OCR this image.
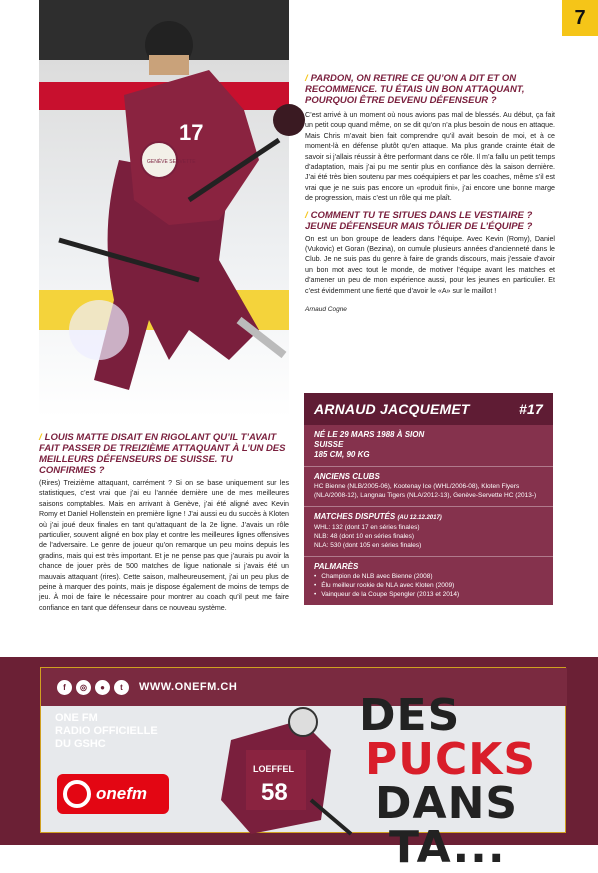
17
GENÈVE SERVETTE
7
/ PARDON, ON RETIRE CE QU’ON A DIT ET ON RECOMMENCE. TU ÉTAIS UN BON ATTAQUANT, POURQUOI ÊTRE DEVENU DÉFENSEUR ?
C’est arrivé à un moment où nous avions pas mal de blessés. Au début, ça fait un petit coup quand même, on se dit qu’on n’a plus besoin de nous en attaque. Mais Chris m’avait bien fait comprendre qu’il avait besoin de moi, et à ce moment-là en défense plutôt qu’en attaque. Ma plus grande crainte était de savoir si j’allais réussir à être performant dans ce rôle. Il m’a fallu un petit temps d’adaptation, mais j’ai pu me sentir plus en confiance dès la saison dernière. J’ai été très bien soutenu par mes coéquipiers et par les coaches, même s’il est vrai que je ne suis pas encore un «produit fini», j’ai encore une bonne marge de progression, mais c’est un rôle qui me plaît.
/ COMMENT TU TE SITUES DANS LE VESTIAIRE ? JEUNE DÉFENSEUR MAIS TÔLIER DE L’ÉQUIPE ?
On est un bon groupe de leaders dans l’équipe. Avec Kevin (Romy), Daniel (Vukovic) et Goran (Bezina), on cumule plusieurs années d’ancienneté dans le Club. Je ne suis pas du genre à faire de grands discours, mais j’essaie d’avoir un bon mot avec tout le monde, de motiver l’équipe avant les matches et d’amener un peu de mon expérience aussi, pour les jeunes en particulier. Et c’est évidemment une fierté que d’avoir le «A» sur le maillot !
Arnaud Cogne
/ LOUIS MATTE DISAIT EN RIGOLANT QU’IL T’AVAIT FAIT PASSER DE TREIZIÈME ATTAQUANT À L’UN DES MEILLEURS DÉFENSEURS DE SUISSE. TU CONFIRMES ?
(Rires) Treizième attaquant, carrément ? Si on se base uniquement sur les statistiques, c’est vrai que j’ai eu l’année dernière une de mes meilleures saisons comptables. Mais en arrivant à Genève, j’ai été aligné avec Kevin Romy et Daniel Hollenstein en première ligne ! J’ai aussi eu du succès à Kloten où j’ai joué deux finales en tant qu’attaquant de la 2e ligne. J’avais un rôle particulier, souvent aligné en box play et contre les meilleures lignes offensives de l’adversaire. Le genre de joueur qu’on remarque un peu moins depuis les gradins, mais qui est très important. Et je ne pense pas que j’aurais pu avoir la chance de jouer près de 500 matches de ligue nationale si j’avais été un mauvais attaquant (rires). Cette saison, malheureusement, j’ai un peu plus de peine à marquer des points, mais je dispose également de moins de temps de jeu. À moi de faire le nécessaire pour montrer au coach qu’il peut me faire confiance en tant que défenseur dans ce nouveau système.
ARNAUD JACQUEMET	#17
NÉ LE 29 MARS 1988 À SION
SUISSE
185 CM, 90 KG
ANCIENS CLUBS
HC Bienne (NLB/2005-06), Kootenay Ice (WHL/2006-08), Kloten Flyers (NLA/2008-12), Langnau Tigers (NLA/2012-13), Genève-Servette HC (2013-)
MATCHES DISPUTÉS (AU 12.12.2017)
WHL: 132 (dont 17 en séries finales)
NLB: 48 (dont 10 en séries finales)
NLA: 530 (dont 105 en séries finales)
PALMARÈS
• Champion de NLB avec Bienne (2008)
• Élu meilleur rookie de NLA avec Kloten (2009)
• Vainqueur de la Coupe Spengler (2013 et 2014)
f	◎	●	t	WWW.ONEFM.CH
ONE FM
RADIO OFFICIELLE
DU GSHC
onefm
LOEFFEL
58
DES
PUCKS
DANS
TA...
